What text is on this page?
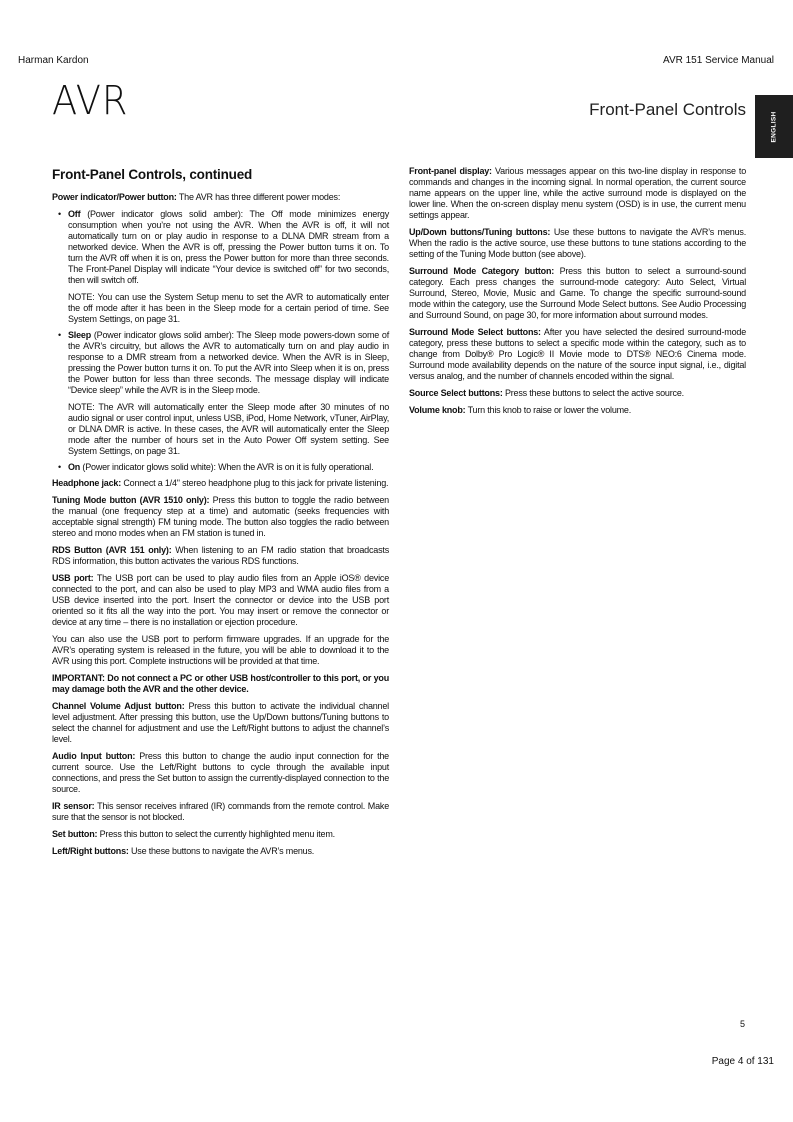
Harman Kardon	AVR 151 Service Manual
AVR	Front-Panel Controls
ENGLISH
Front-Panel Controls, continued

Power indicator/Power button: The AVR has three different power modes:

• Off (Power indicator glows solid amber): The Off mode minimizes energy consumption when you’re not using the AVR. When the AVR is off, it will not automatically turn on or play audio in response to a DLNA DMR stream from a networked device. When the AVR is off, pressing the Power button turns it on. To turn the AVR off when it is on, press the Power button for more than three seconds. The Front-Panel Display will indicate “Your device is switched off” for two seconds, then will switch off.

NOTE: You can use the System Setup menu to set the AVR to automatically enter the off mode after it has been in the Sleep mode for a certain period of time. See System Settings, on page 31.

• Sleep (Power indicator glows solid amber): The Sleep mode powers-down some of the AVR’s circuitry, but allows the AVR to automatically turn on and play audio in response to a DMR stream from a networked device. When the AVR is in Sleep, pressing the Power button turns it on. To put the AVR into Sleep when it is on, press the Power button for less than three seconds. The message display will indicate “Device sleep” while the AVR is in the Sleep mode.

NOTE: The AVR will automatically enter the Sleep mode after 30 minutes of no audio signal or user control input, unless USB, iPod, Home Network, vTuner, AirPlay, or DLNA DMR is active. In these cases, the AVR will automatically enter the Sleep mode after the number of hours set in the Auto Power Off system setting. See System Settings, on page 31.

• On (Power indicator glows solid white): When the AVR is on it is fully operational.

Headphone jack: Connect a 1/4" stereo headphone plug to this jack for private listening.

Tuning Mode button (AVR 1510 only): Press this button to toggle the radio between the manual (one frequency step at a time) and automatic (seeks frequencies with acceptable signal strength) FM tuning mode. The button also toggles the radio between stereo and mono modes when an FM station is tuned in.

RDS Button (AVR 151 only): When listening to an FM radio station that broadcasts RDS information, this button activates the various RDS functions.

USB port: The USB port can be used to play audio files from an Apple iOS® device connected to the port, and can also be used to play MP3 and WMA audio files from a USB device inserted into the port. Insert the connector or device into the USB port oriented so it fits all the way into the port. You may insert or remove the connector or device at any time – there is no installation or ejection procedure.

You can also use the USB port to perform firmware upgrades. If an upgrade for the AVR’s operating system is released in the future, you will be able to download it to the AVR using this port. Complete instructions will be provided at that time.

IMPORTANT: Do not connect a PC or other USB host/controller to this port, or you may damage both the AVR and the other device.

Channel Volume Adjust button: Press this button to activate the individual channel level adjustment. After pressing this button, use the Up/Down buttons/Tuning buttons to select the channel for adjustment and use the Left/Right buttons to adjust the channel’s level.

Audio Input button: Press this button to change the audio input connection for the current source. Use the Left/Right buttons to cycle through the available input connections, and press the Set button to assign the currently-displayed connection to the source.

IR sensor: This sensor receives infrared (IR) commands from the remote control. Make sure that the sensor is not blocked.

Set button: Press this button to select the currently highlighted menu item.

Left/Right buttons: Use these buttons to navigate the AVR’s menus.

Front-panel display: Various messages appear on this two-line display in response to commands and changes in the incoming signal. In normal operation, the current source name appears on the upper line, while the active surround mode is displayed on the lower line. When the on-screen display menu system (OSD) is in use, the current menu settings appear.

Up/Down buttons/Tuning buttons: Use these buttons to navigate the AVR’s menus. When the radio is the active source, use these buttons to tune stations according to the setting of the Tuning Mode button (see above).

Surround Mode Category button: Press this button to select a surround-sound category. Each press changes the surround-mode category: Auto Select, Virtual Surround, Stereo, Movie, Music and Game. To change the specific surround-sound mode within the category, use the Surround Mode Select buttons. See Audio Processing and Surround Sound, on page 30, for more information about surround modes.

Surround Mode Select buttons: After you have selected the desired surround-mode category, press these buttons to select a specific mode within the category, such as to change from Dolby® Pro Logic® II Movie mode to DTS® NEO:6 Cinema mode. Surround mode availability depends on the nature of the source input signal, i.e., digital versus analog, and the number of channels encoded within the signal.

Source Select buttons: Press these buttons to select the active source.

Volume knob: Turn this knob to raise or lower the volume.

5
Page 4 of 131
